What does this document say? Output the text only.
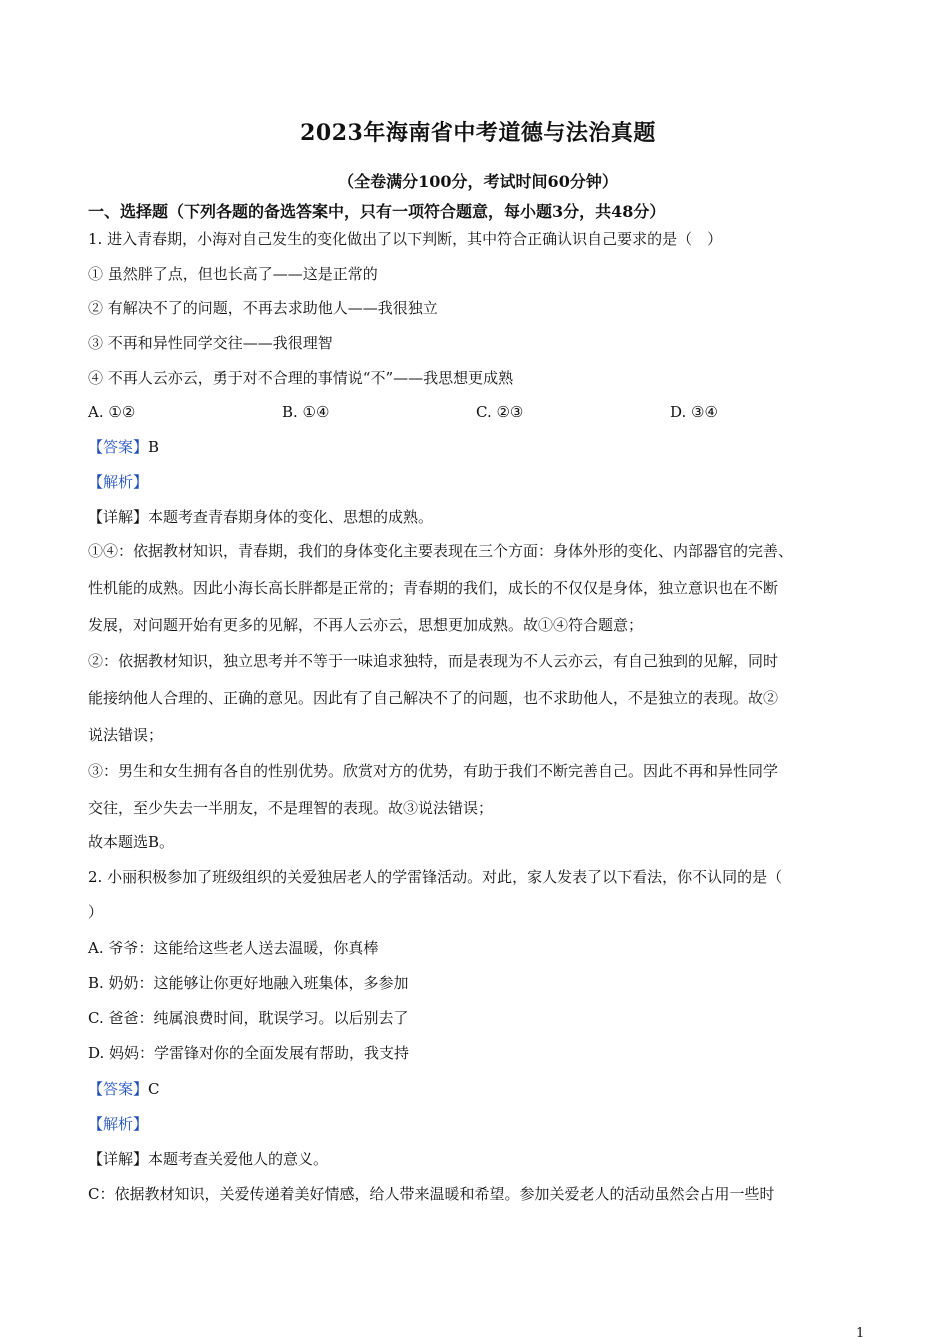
2023年海南省中考道德与法治真题
（全卷满分100分，考试时间60分钟）
一、选择题（下列各题的备选答案中，只有一项符合题意，每小题3分，共48分）
1. 进入青春期，小海对自己发生的变化做出了以下判断，其中符合正确认识自己要求的是（　）
① 虽然胖了点，但也长高了——这是正常的
② 有解决不了的问题，不再去求助他人——我很独立
③ 不再和异性同学交往——我很理智
④ 不再人云亦云，勇于对不合理的事情说“不”——我思想更成熟
A. ①②	B. ①④	C. ②③	D. ③④
【答案】B
【解析】
【详解】本题考查青春期身体的变化、思想的成熟。
①④：依据教材知识，青春期，我们的身体变化主要表现在三个方面：身体外形的变化、内部器官的完善、
性机能的成熟。因此小海长高长胖都是正常的；青春期的我们，成长的不仅仅是身体，独立意识也在不断
发展，对问题开始有更多的见解，不再人云亦云，思想更加成熟。故①④符合题意；
②：依据教材知识，独立思考并不等于一味追求独特，而是表现为不人云亦云，有自己独到的见解，同时
能接纳他人合理的、正确的意见。因此有了自己解决不了的问题，也不求助他人，不是独立的表现。故②
说法错误；
③：男生和女生拥有各自的性别优势。欣赏对方的优势，有助于我们不断完善自己。因此不再和异性同学
交往，至少失去一半朋友，不是理智的表现。故③说法错误；
故本题选B。
2. 小丽积极参加了班级组织的关爱独居老人的学雷锋活动。对此，家人发表了以下看法，你不认同的是（
）
A. 爷爷：这能给这些老人送去温暖，你真棒
B. 奶奶：这能够让你更好地融入班集体，多参加
C. 爸爸：纯属浪费时间，耽误学习。以后别去了
D. 妈妈：学雷锋对你的全面发展有帮助，我支持
【答案】C
【解析】
【详解】本题考查关爱他人的意义。
C：依据教材知识，关爱传递着美好情感，给人带来温暖和希望。参加关爱老人的活动虽然会占用一些时
1
